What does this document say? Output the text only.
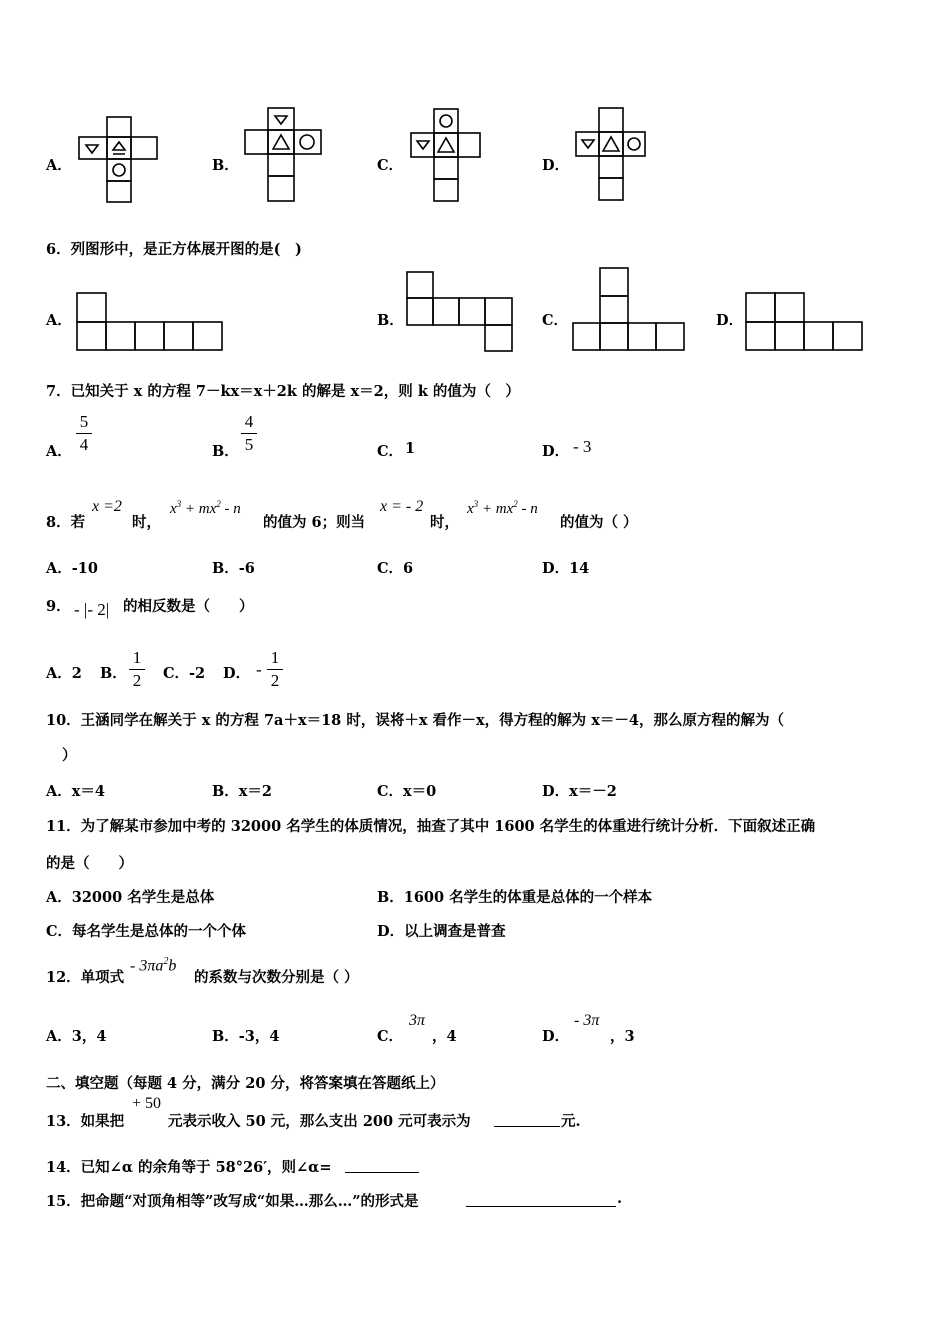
A．	B．	C．	D．
6．列图形中，是正方体展开图的是(　)
A．	B．	C．	D．
7．已知关于 x 的方程 7－kx＝x＋2k 的解是 x＝2，则 k 的值为（　）
A．
5
4	B．
4
5	C． 1	D． - 3
8．若
x =2
时，
$x^3 + mx^2 - n$
的值为 6；则当
x = - 2
时，
$x^3 + mx^2 - n$
的值为（ ）
A．-10	B．-6	C．6	D．14
9． - |- 2| 的相反数是（　　）
A．2 B．
1
2 C．-2 D． -
1
2
10．王涵同学在解关于 x 的方程 7a＋x＝18 时，误将＋x 看作－x，得方程的解为 x＝－4，那么原方程的解为（
）
A．x＝4	B．x＝2	C．x＝0	D．x＝－2
11．为了解某市参加中考的 32000 名学生的体质情况，抽查了其中 1600 名学生的体重进行统计分析．下面叙述正确
的是（　　）
A．32000 名学生是总体	B．1600 名学生的体重是总体的一个样本
C．每名学生是总体的一个个体	D．以上调查是普查
12．单项式
- $3\pi a^2b$
的系数与次数分别是（ ）
A．3，4	B．-3，4	C．
3π
，4	D．
- 3π
，3
二、填空题（每题 4 分，满分 20 分，将答案填在答题纸上）
13．如果把
+ 50
元表示收入 50 元，那么支出 200 元可表示为	元.
14．已知∠α 的余角等于 58°26′，则∠α=
15．把命题“对顶角相等”改写成“如果…那么…”的形式是	.
